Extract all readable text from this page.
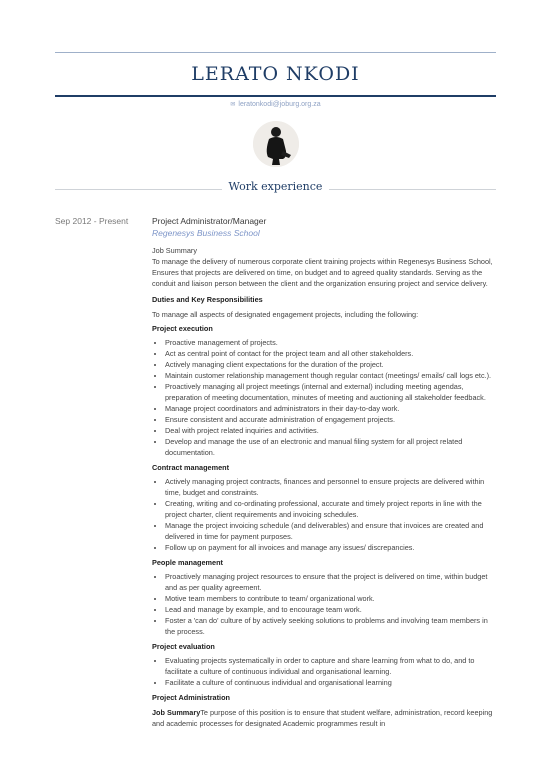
LERATO NKODI
✉ leratonkodi@joburg.org.za
Work experience
Sep 2012 - Present	Project Administrator/Manager
Regenesys Business School

Job Summary

To manage the delivery of numerous corporate client training projects within Regenesys Business School, Ensures that projects are delivered on time, on budget and to agreed quality standards. Serving as the conduit and liaison person between the client and the organization ensuring project and service delivery.

Duties and Key Responsibilities

To manage all aspects of designated engagement projects, including the following:

Project execution

• Proactive management of projects.
• Act as central point of contact for the project team and all other stakeholders.
• Actively managing client expectations for the duration of the project.
• Maintain customer relationship management though regular contact (meetings/ emails/ call logs etc.).
• Proactively managing all project meetings (internal and external) including meeting agendas, preparation of meeting documentation, minutes of meeting and auctioning all stakeholder feedback.
• Manage project coordinators and administrators in their day-to-day work.
• Ensure consistent and accurate administration of engagement projects.
• Deal with project related inquiries and activities.
• Develop and manage the use of an electronic and manual filing system for all project related documentation.

Contract management

• Actively managing project contracts, finances and personnel to ensure projects are delivered within time, budget and constraints.
• Creating, writing and co-ordinating professional, accurate and timely project reports in line with the project charter, client requirements and invoicing schedules.
• Manage the project invoicing schedule (and deliverables) and ensure that invoices are created and delivered in time for payment purposes.
• Follow up on payment for all invoices and manage any issues/ discrepancies.

People management

• Proactively managing project resources to ensure that the project is delivered on time, within budget and as per quality agreement.
• Motive team members to contribute to team/ organizational work.
• Lead and manage by example, and to encourage team work.
• Foster a 'can do' culture of by actively seeking solutions to problems and involving team members in the process.

Project evaluation

• Evaluating projects systematically in order to capture and share learning from what to do, and to facilitate a culture of continuous individual and organisational learning.
• Facilitate a culture of continuous individual and organisational learning

Project Administration

Job SummaryTe purpose of this position is to ensure that student welfare, administration, record keeping and academic processes for designated Academic programmes result in
